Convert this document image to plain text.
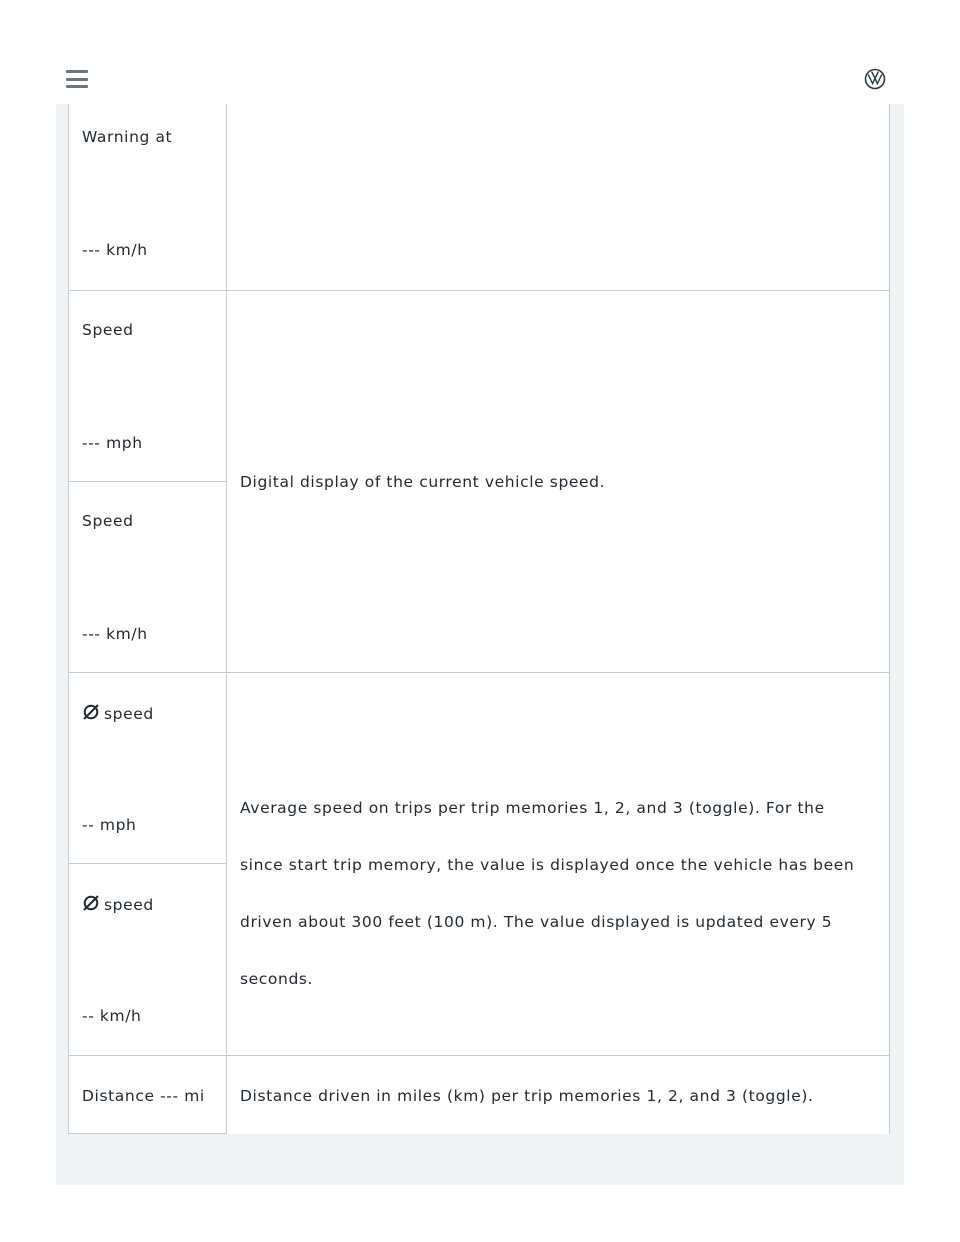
Warning at
--- km/h
Speed
--- mph
Speed
--- km/h
Digital display of the current vehicle speed.
speed
-- mph
speed
-- km/h
Average speed on trips per trip memories 1, 2, and 3 (toggle). For the since start trip memory, the value is displayed once the vehicle has been driven about 300 feet (100 m). The value displayed is updated every 5 seconds.
Distance --- mi Distance driven in miles (km) per trip memories 1, 2, and 3 (toggle).
